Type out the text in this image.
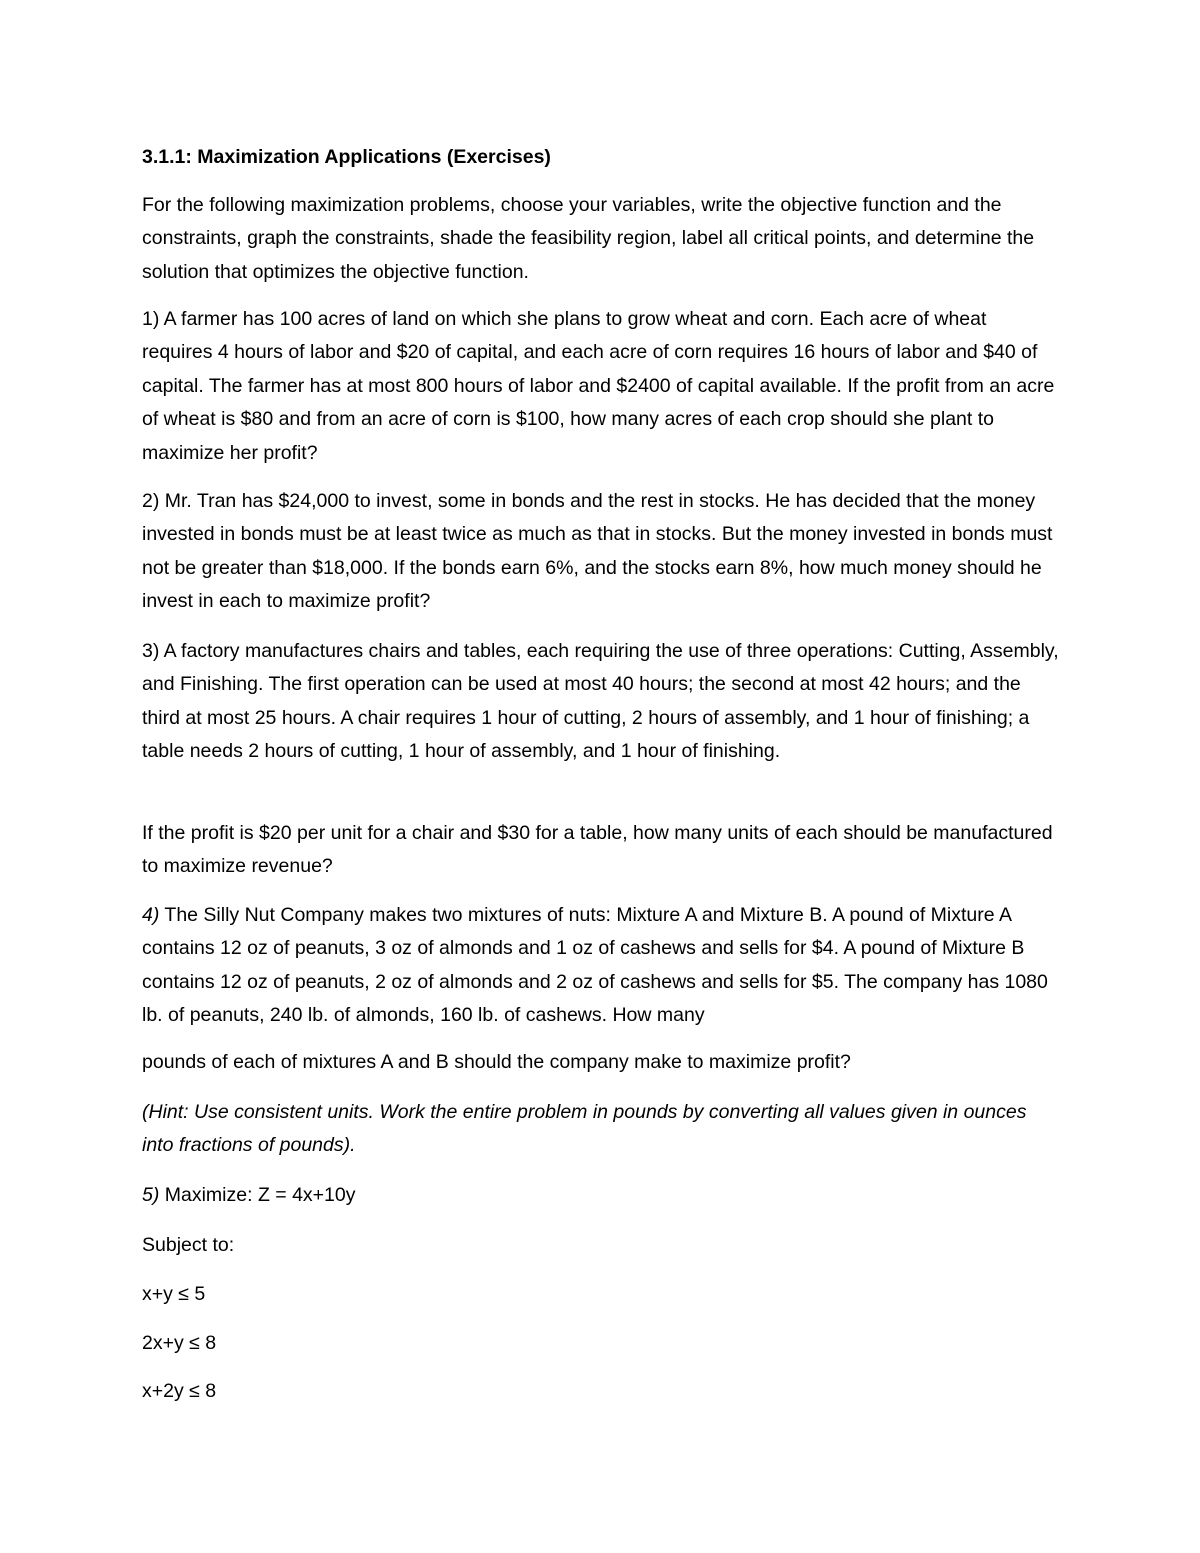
3.1.1: Maximization Applications (Exercises)

For the following maximization problems, choose your variables, write the objective function and the constraints, graph the constraints, shade the feasibility region, label all critical points, and determine the solution that optimizes the objective function.

1) A farmer has 100 acres of land on which she plans to grow wheat and corn. Each acre of wheat requires 4 hours of labor and $20 of capital, and each acre of corn requires 16 hours of labor and $40 of capital. The farmer has at most 800 hours of labor and $2400 of capital available. If the profit from an acre of wheat is $80 and from an acre of corn is $100, how many acres of each crop should she plant to maximize her profit?

2) Mr. Tran has $24,000 to invest, some in bonds and the rest in stocks. He has decided that the money invested in bonds must be at least twice as much as that in stocks. But the money invested in bonds must not be greater than $18,000. If the bonds earn 6%, and the stocks earn 8%, how much money should he invest in each to maximize profit?

3) A factory manufactures chairs and tables, each requiring the use of three operations: Cutting, Assembly, and Finishing. The first operation can be used at most 40 hours; the second at most 42 hours; and the third at most 25 hours. A chair requires 1 hour of cutting, 2 hours of assembly, and 1 hour of finishing; a table needs 2 hours of cutting, 1 hour of assembly, and 1 hour of finishing.

If the profit is $20 per unit for a chair and $30 for a table, how many units of each should be manufactured to maximize revenue?

4) The Silly Nut Company makes two mixtures of nuts: Mixture A and Mixture B. A pound of Mixture A contains 12 oz of peanuts, 3 oz of almonds and 1 oz of cashews and sells for $4. A pound of Mixture B contains 12 oz of peanuts, 2 oz of almonds and 2 oz of cashews and sells for $5. The company has 1080 lb. of peanuts, 240 lb. of almonds, 160 lb. of cashews. How many

pounds of each of mixtures A and B should the company make to maximize profit?

(Hint: Use consistent units. Work the entire problem in pounds by converting all values given in ounces into fractions of pounds).

5) Maximize: Z = 4x+10y

Subject to:

x+y ≤ 5

2x+y ≤ 8

x+2y ≤ 8
